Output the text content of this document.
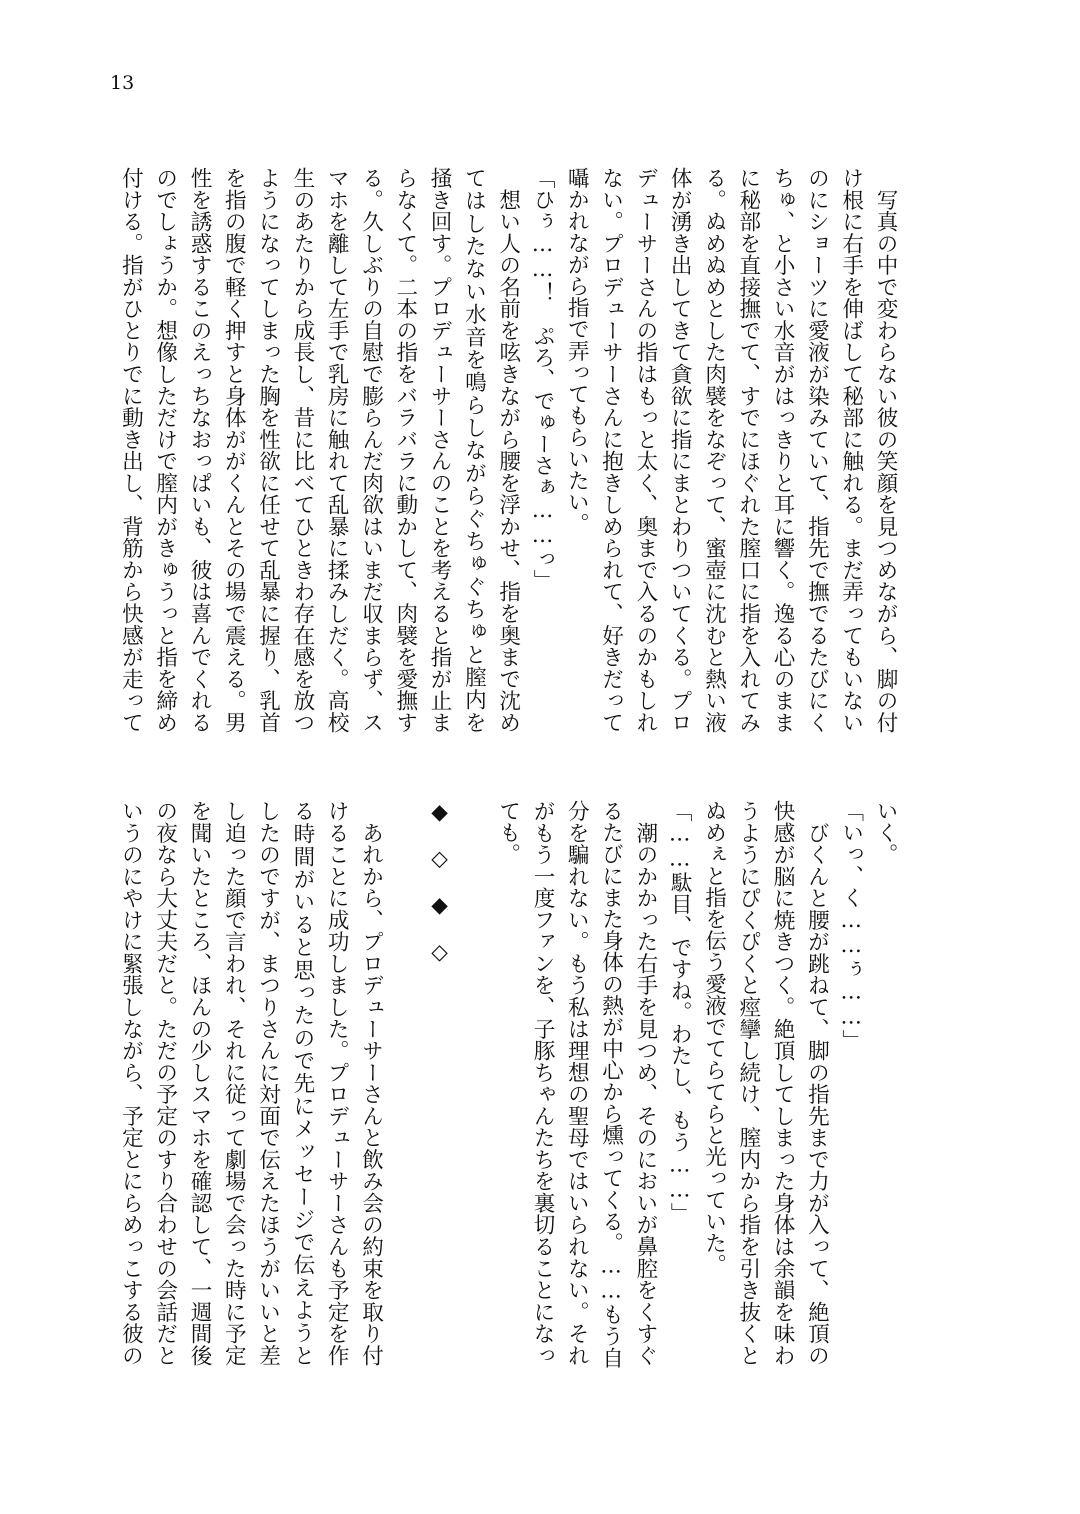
13
　写真の中で変わらない彼の笑顔を見つめながら、脚の付
け根に右手を伸ばして秘部に触れる。まだ弄ってもいない
のにショーツに愛液が染みていて、指先で撫でるたびにく
ちゅ、と小さい水音がはっきりと耳に響く。逸る心のまま
に秘部を直接撫でて、すでにほぐれた膣口に指を入れてみ
る。ぬめぬめとした肉襞をなぞって、蜜壺に沈むと熱い液
体が湧き出してきて貪欲に指にまとわりついてくる。プロ
デューサーさんの指はもっと太く、奥まで入るのかもしれ
ない。プロデューサーさんに抱きしめられて、好きだって
囁かれながら指で弄ってもらいたい。
「ひぅ……！　ぷろ、でゅーさぁ……っ」
　想い人の名前を呟きながら腰を浮かせ、指を奥まで沈め
てはしたない水音を鳴らしながらぐちゅぐちゅと膣内を
掻き回す。プロデューサーさんのことを考えると指が止ま
らなくて。二本の指をバラバラに動かして、肉襞を愛撫す
る。久しぶりの自慰で膨らんだ肉欲はいまだ収まらず、ス
マホを離して左手で乳房に触れて乱暴に揉みしだく。高校
生のあたりから成長し、昔に比べてひときわ存在感を放つ
ようになってしまった胸を性欲に任せて乱暴に握り、乳首
を指の腹で軽く押すと身体ががくんとその場で震える。男
性を誘惑するこのえっちなおっぱいも、彼は喜んでくれる
のでしょうか。想像しただけで膣内がきゅうっと指を締め
付ける。指がひとりでに動き出し、背筋から快感が走って
いく。
「いっ、く……ぅ……」
　びくんと腰が跳ねて、脚の指先まで力が入って、絶頂の
快感が脳に焼きつく。絶頂してしまった身体は余韻を味わ
うようにぴくぴくと痙攣し続け、膣内から指を引き抜くと
ぬめぇと指を伝う愛液でてらてらと光っていた。
「……駄目、ですね。わたし、もう……」
　潮のかかった右手を見つめ、そのにおいが鼻腔をくすぐ
るたびにまた身体の熱が中心から燻ってくる。……もう自
分を騙れない。もう私は理想の聖母ではいられない。それ
がもう一度ファンを、子豚ちゃんたちを裏切ることになっ
ても。
◆　◇　◆　◇
　あれから、プロデューサーさんと飲み会の約束を取り付
けることに成功しました。プロデューサーさんも予定を作
る時間がいると思ったので先にメッセージで伝えようと
したのですが、まつりさんに対面で伝えたほうがいいと差
し迫った顔で言われ、それに従って劇場で会った時に予定
を聞いたところ、ほんの少しスマホを確認して、一週間後
の夜なら大丈夫だと。ただの予定のすり合わせの会話だと
いうのにやけに緊張しながら、予定とにらめっこする彼の
